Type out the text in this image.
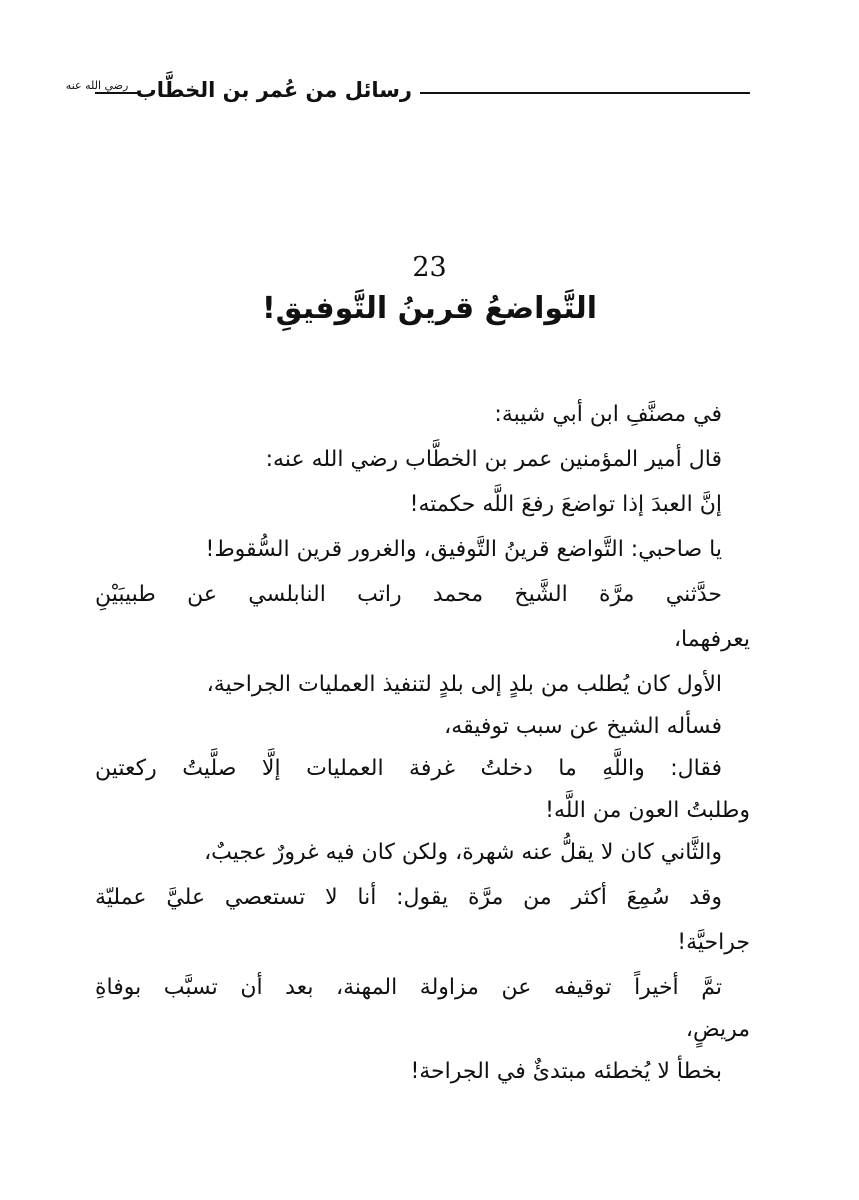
رسائل من عُمر بن الخطَّاب $^{رضي الله عنه}$
23
التَّواضعُ قرينُ التَّوفيقِ!
في مصنَّفِ ابن أبي شيبة:
قال أمير المؤمنين عمر بن الخطَّاب رضي الله عنه:
إنَّ العبدَ إذا تواضعَ رفعَ اللَّه حكمته!
يا صاحبي: التَّواضع قرينُ التَّوفيق، والغرور قرين السُّقوط!
حدَّثني مرَّة الشَّيخ محمد راتب النابلسي عن طبيبَيْنِ
يعرفهما،
الأول كان يُطلب من بلدٍ إلى بلدٍ لتنفيذ العمليات الجراحية،
فسأله الشيخ عن سبب توفيقه،
فقال: واللَّهِ ما دخلتُ غرفة العمليات إلَّا صلَّيتُ ركعتين
وطلبتُ العون من اللَّه!
والثَّاني كان لا يقلُّ عنه شهرة، ولكن كان فيه غرورٌ عجيبٌ،
وقد سُمِعَ أكثر من مرَّة يقول: أنا لا تستعصي عليَّ عمليّة
جراحيَّة!
تمَّ أخيراً توقيفه عن مزاولة المهنة، بعد أن تسبَّب بوفاةِ
مريضٍ،
بخطأ لا يُخطئه مبتدئٌ في الجراحة!
